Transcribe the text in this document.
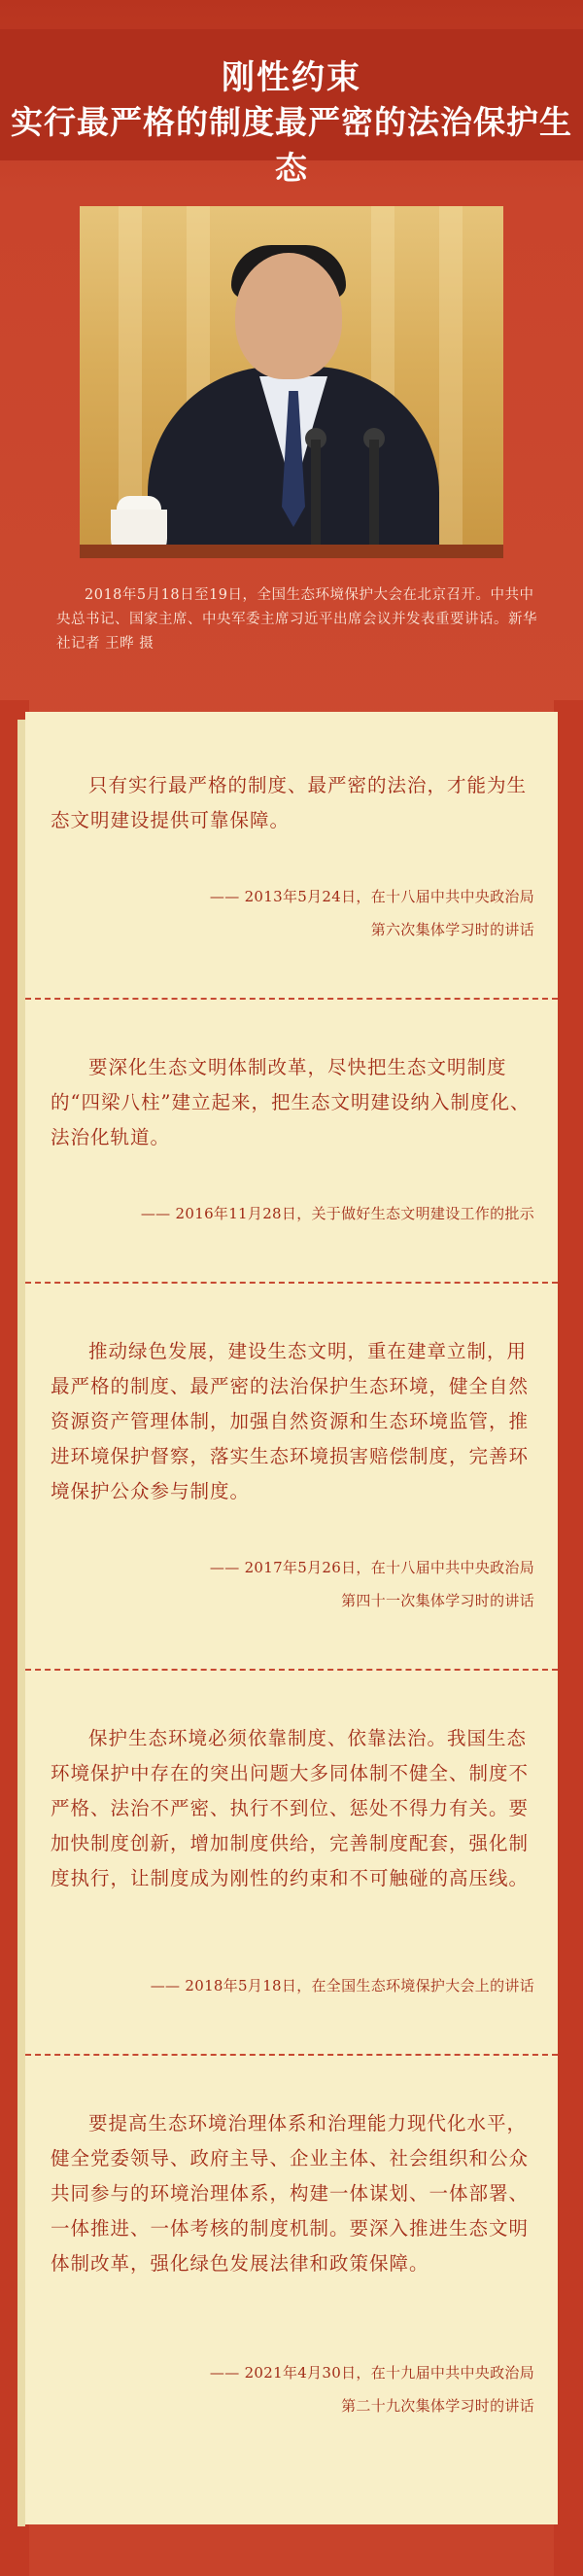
刚性约束
实行最严格的制度最严密的法治保护生态
2018年5月18日至19日，全国生态环境保护大会在北京召开。中共中央总书记、国家主席、中央军委主席习近平出席会议并发表重要讲话。新华社记者 王晔 摄
只有实行最严格的制度、最严密的法治，才能为生态文明建设提供可靠保障。
—— 2013年5月24日，在十八届中共中央政治局
第六次集体学习时的讲话
要深化生态文明体制改革，尽快把生态文明制度的“四梁八柱”建立起来，把生态文明建设纳入制度化、法治化轨道。
—— 2016年11月28日，关于做好生态文明建设工作的批示
推动绿色发展，建设生态文明，重在建章立制，用最严格的制度、最严密的法治保护生态环境，健全自然资源资产管理体制，加强自然资源和生态环境监管，推进环境保护督察，落实生态环境损害赔偿制度，完善环境保护公众参与制度。
—— 2017年5月26日，在十八届中共中央政治局
第四十一次集体学习时的讲话
保护生态环境必须依靠制度、依靠法治。我国生态环境保护中存在的突出问题大多同体制不健全、制度不严格、法治不严密、执行不到位、惩处不得力有关。要加快制度创新，增加制度供给，完善制度配套，强化制度执行，让制度成为刚性的约束和不可触碰的高压线。
—— 2018年5月18日，在全国生态环境保护大会上的讲话
要提高生态环境治理体系和治理能力现代化水平，健全党委领导、政府主导、企业主体、社会组织和公众共同参与的环境治理体系，构建一体谋划、一体部署、一体推进、一体考核的制度机制。要深入推进生态文明体制改革，强化绿色发展法律和政策保障。
—— 2021年4月30日，在十九届中共中央政治局
第二十九次集体学习时的讲话
